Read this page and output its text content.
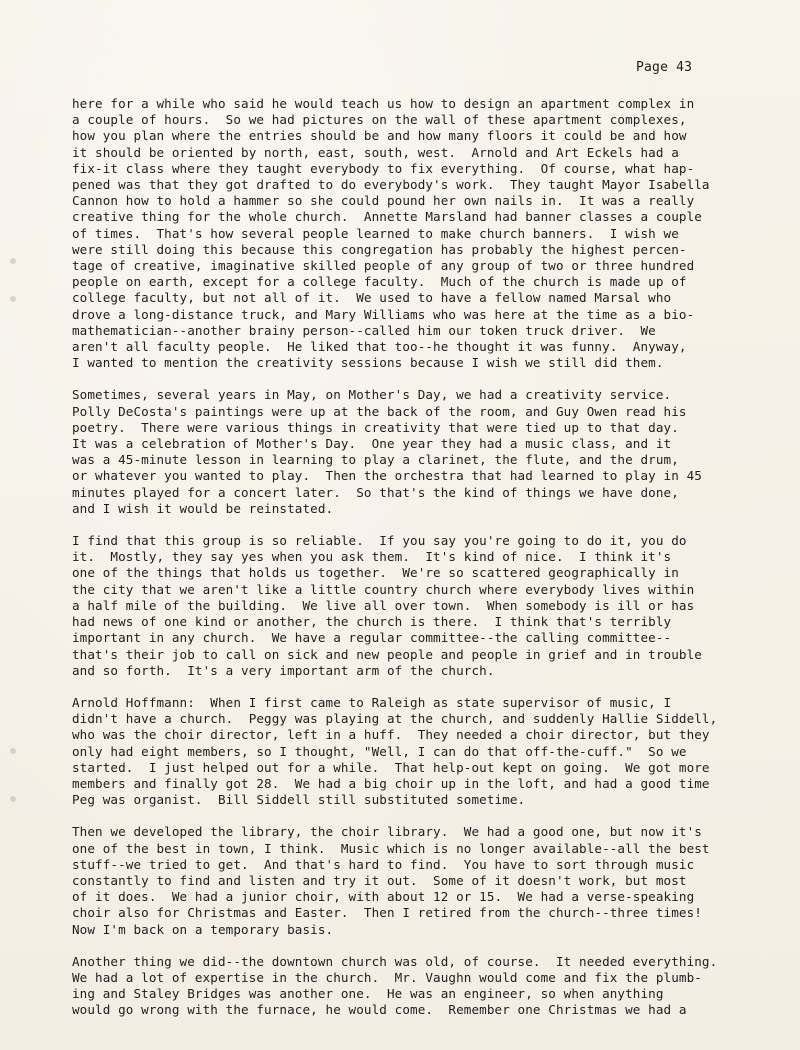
Page 43

here for a while who said he would teach us how to design an apartment complex in
a couple of hours.  So we had pictures on the wall of these apartment complexes,
how you plan where the entries should be and how many floors it could be and how
it should be oriented by north, east, south, west.  Arnold and Art Eckels had a
fix-it class where they taught everybody to fix everything.  Of course, what hap-
pened was that they got drafted to do everybody's work.  They taught Mayor Isabella
Cannon how to hold a hammer so she could pound her own nails in.  It was a really
creative thing for the whole church.  Annette Marsland had banner classes a couple
of times.  That's how several people learned to make church banners.  I wish we
were still doing this because this congregation has probably the highest percen-
tage of creative, imaginative skilled people of any group of two or three hundred
people on earth, except for a college faculty.  Much of the church is made up of
college faculty, but not all of it.  We used to have a fellow named Marsal who
drove a long-distance truck, and Mary Williams who was here at the time as a bio-
mathematician--another brainy person--called him our token truck driver.  We
aren't all faculty people.  He liked that too--he thought it was funny.  Anyway,
I wanted to mention the creativity sessions because I wish we still did them.

Sometimes, several years in May, on Mother's Day, we had a creativity service.
Polly DeCosta's paintings were up at the back of the room, and Guy Owen read his
poetry.  There were various things in creativity that were tied up to that day.
It was a celebration of Mother's Day.  One year they had a music class, and it
was a 45-minute lesson in learning to play a clarinet, the flute, and the drum,
or whatever you wanted to play.  Then the orchestra that had learned to play in 45
minutes played for a concert later.  So that's the kind of things we have done,
and I wish it would be reinstated.

I find that this group is so reliable.  If you say you're going to do it, you do
it.  Mostly, they say yes when you ask them.  It's kind of nice.  I think it's
one of the things that holds us together.  We're so scattered geographically in
the city that we aren't like a little country church where everybody lives within
a half mile of the building.  We live all over town.  When somebody is ill or has
had news of one kind or another, the church is there.  I think that's terribly
important in any church.  We have a regular committee--the calling committee--
that's their job to call on sick and new people and people in grief and in trouble
and so forth.  It's a very important arm of the church.

Arnold Hoffmann:  When I first came to Raleigh as state supervisor of music, I
didn't have a church.  Peggy was playing at the church, and suddenly Hallie Siddell,
who was the choir director, left in a huff.  They needed a choir director, but they
only had eight members, so I thought, "Well, I can do that off-the-cuff."  So we
started.  I just helped out for a while.  That help-out kept on going.  We got more
members and finally got 28.  We had a big choir up in the loft, and had a good time
Peg was organist.  Bill Siddell still substituted sometime.

Then we developed the library, the choir library.  We had a good one, but now it's
one of the best in town, I think.  Music which is no longer available--all the best
stuff--we tried to get.  And that's hard to find.  You have to sort through music
constantly to find and listen and try it out.  Some of it doesn't work, but most
of it does.  We had a junior choir, with about 12 or 15.  We had a verse-speaking
choir also for Christmas and Easter.  Then I retired from the church--three times!
Now I'm back on a temporary basis.

Another thing we did--the downtown church was old, of course.  It needed everything.
We had a lot of expertise in the church.  Mr. Vaughn would come and fix the plumb-
ing and Staley Bridges was another one.  He was an engineer, so when anything
would go wrong with the furnace, he would come.  Remember one Christmas we had a
